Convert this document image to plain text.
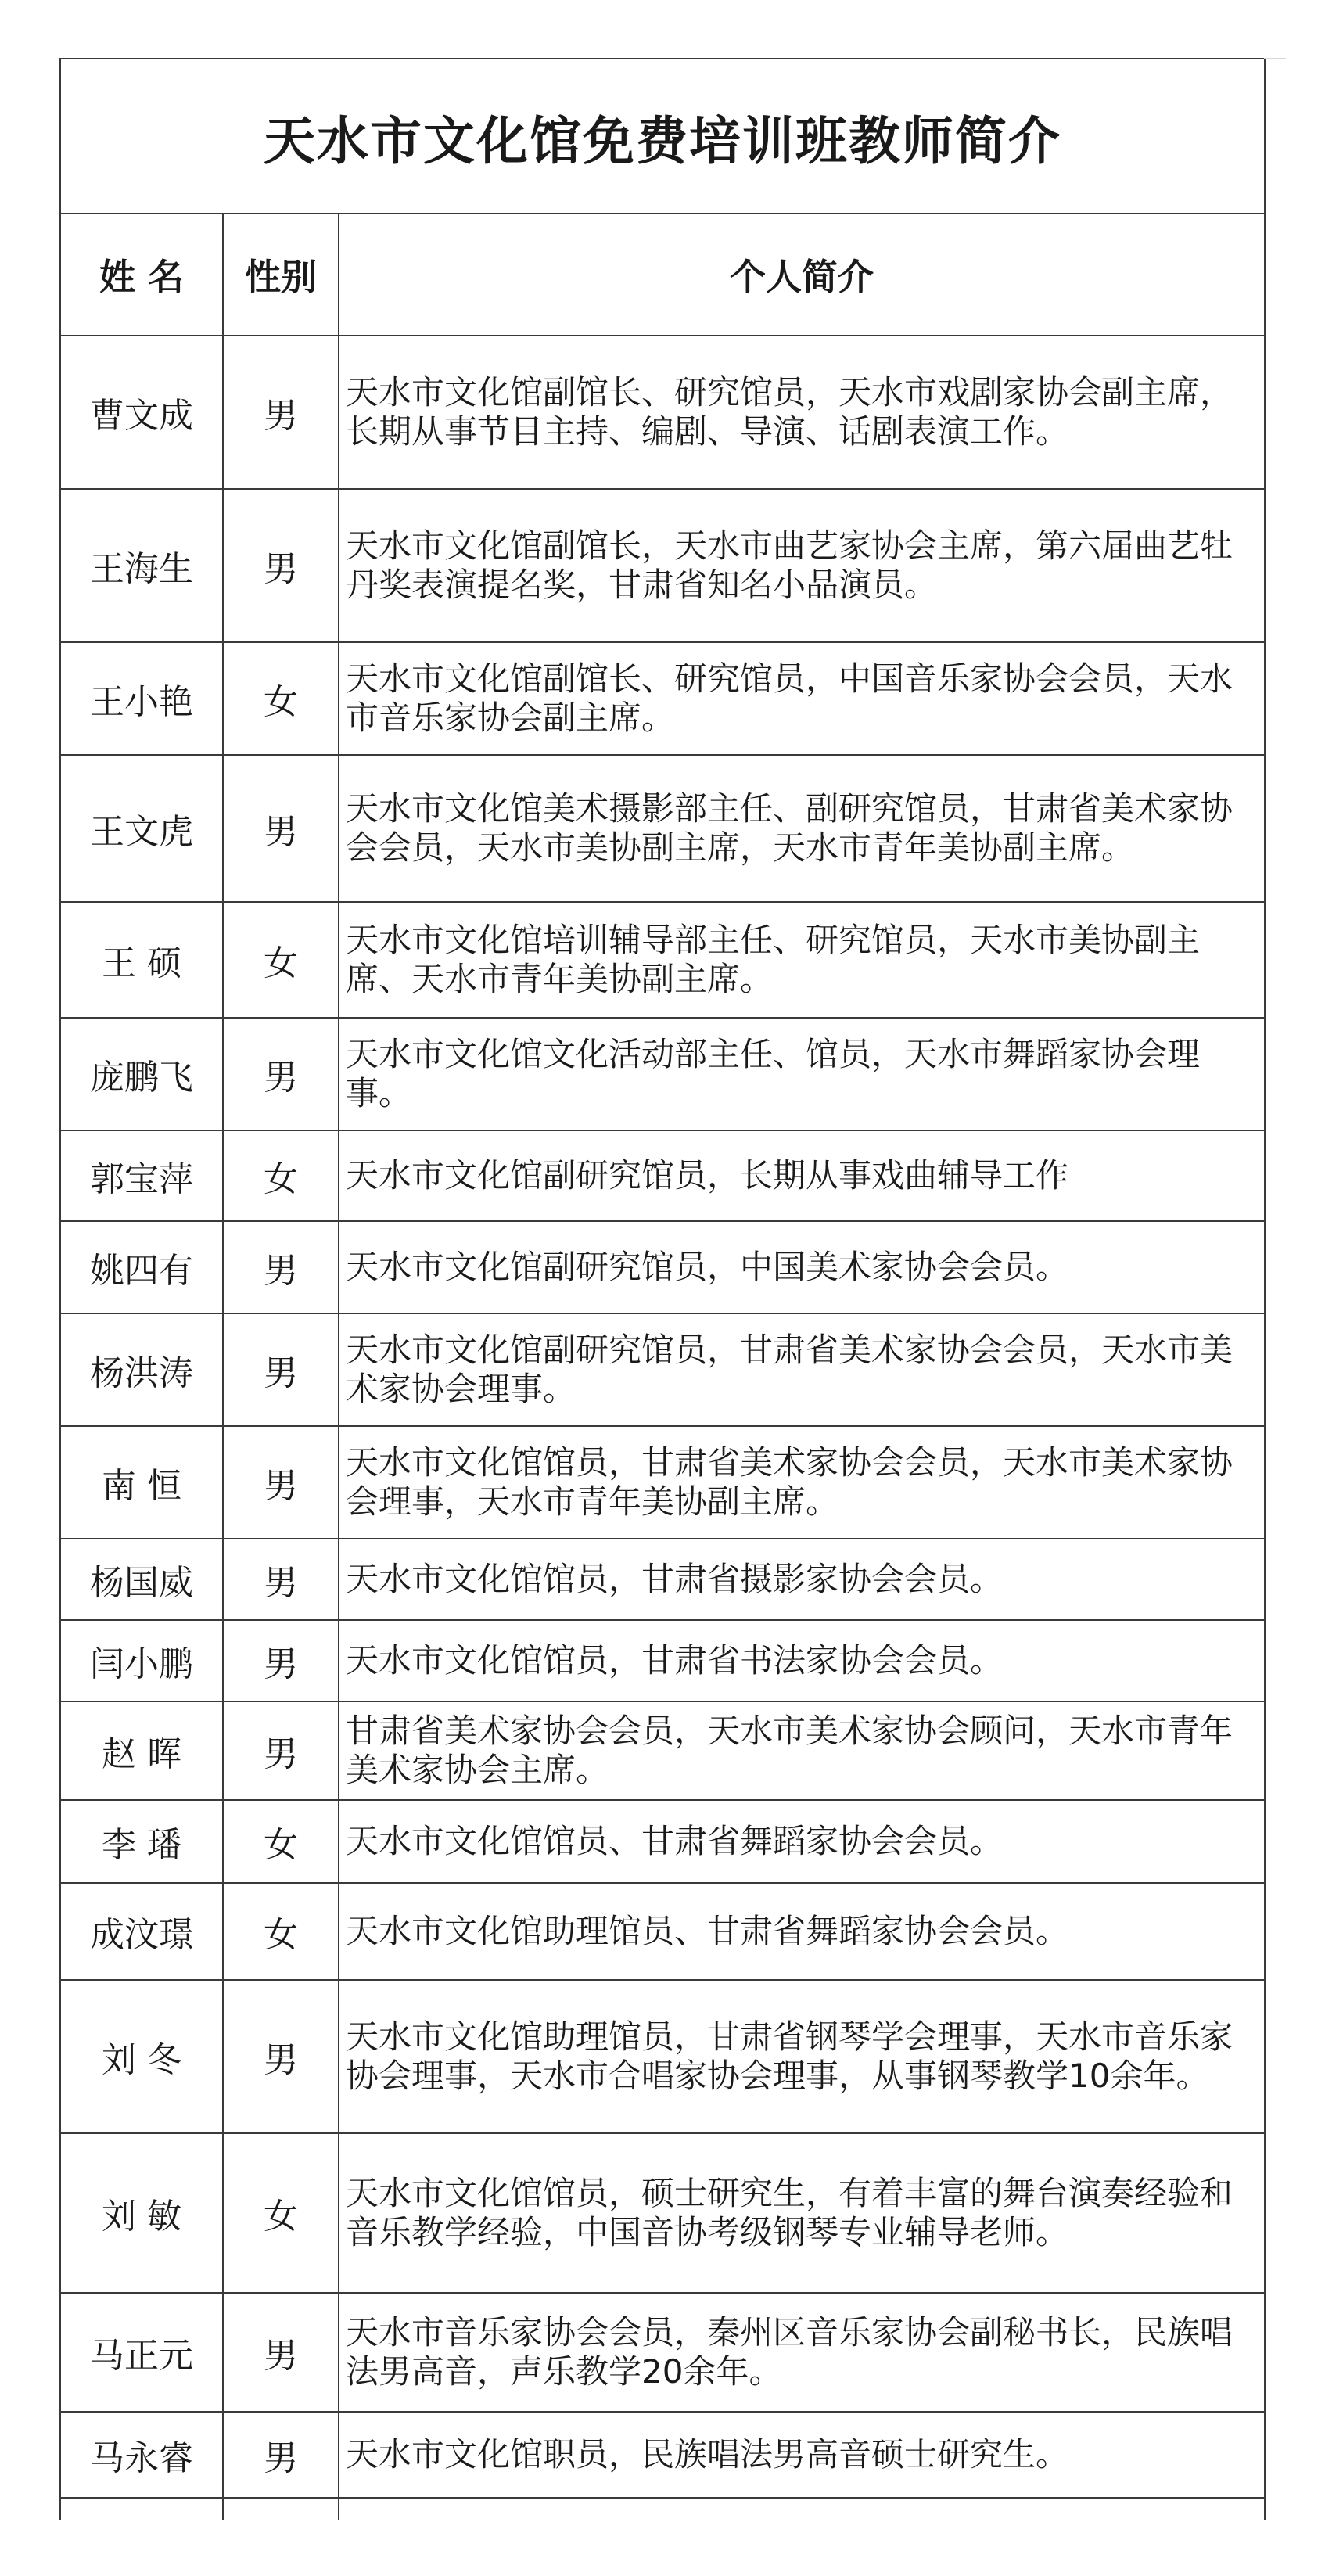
天水市文化馆免费培训班教师简介		
姓 名	性别	个人简介
曹文成	男	天水市文化馆副馆长、研究馆员，天水市戏剧家协会副主席，长期从事节目主持、编剧、导演、话剧表演工作。
王海生	男	天水市文化馆副馆长，天水市曲艺家协会主席，第六届曲艺牡丹奖表演提名奖，甘肃省知名小品演员。
王小艳	女	天水市文化馆副馆长、研究馆员，中国音乐家协会会员，天水市音乐家协会副主席。
王文虎	男	天水市文化馆美术摄影部主任、副研究馆员，甘肃省美术家协会会员，天水市美协副主席，天水市青年美协副主席。
王 硕	女	天水市文化馆培训辅导部主任、研究馆员，天水市美协副主席、天水市青年美协副主席。
庞鹏飞	男	天水市文化馆文化活动部主任、馆员，天水市舞蹈家协会理事。
郭宝萍	女	天水市文化馆副研究馆员，长期从事戏曲辅导工作
姚四有	男	天水市文化馆副研究馆员，中国美术家协会会员。
杨洪涛	男	天水市文化馆副研究馆员，甘肃省美术家协会会员，天水市美术家协会理事。
南 恒	男	天水市文化馆馆员，甘肃省美术家协会会员，天水市美术家协会理事，天水市青年美协副主席。
杨国威	男	天水市文化馆馆员，甘肃省摄影家协会会员。
闫小鹏	男	天水市文化馆馆员，甘肃省书法家协会会员。
赵 晖	男	甘肃省美术家协会会员，天水市美术家协会顾问，天水市青年美术家协会主席。
李 璠	女	天水市文化馆馆员、甘肃省舞蹈家协会会员。
成汶璟	女	天水市文化馆助理馆员、甘肃省舞蹈家协会会员。
刘 冬	男	天水市文化馆助理馆员，甘肃省钢琴学会理事，天水市音乐家协会理事，天水市合唱家协会理事，从事钢琴教学10余年。
刘 敏	女	天水市文化馆馆员，硕士研究生，有着丰富的舞台演奏经验和音乐教学经验，中国音协考级钢琴专业辅导老师。
马正元	男	天水市音乐家协会会员，秦州区音乐家协会副秘书长，民族唱法男高音，声乐教学20余年。
马永睿	男	天水市文化馆职员，民族唱法男高音硕士研究生。
